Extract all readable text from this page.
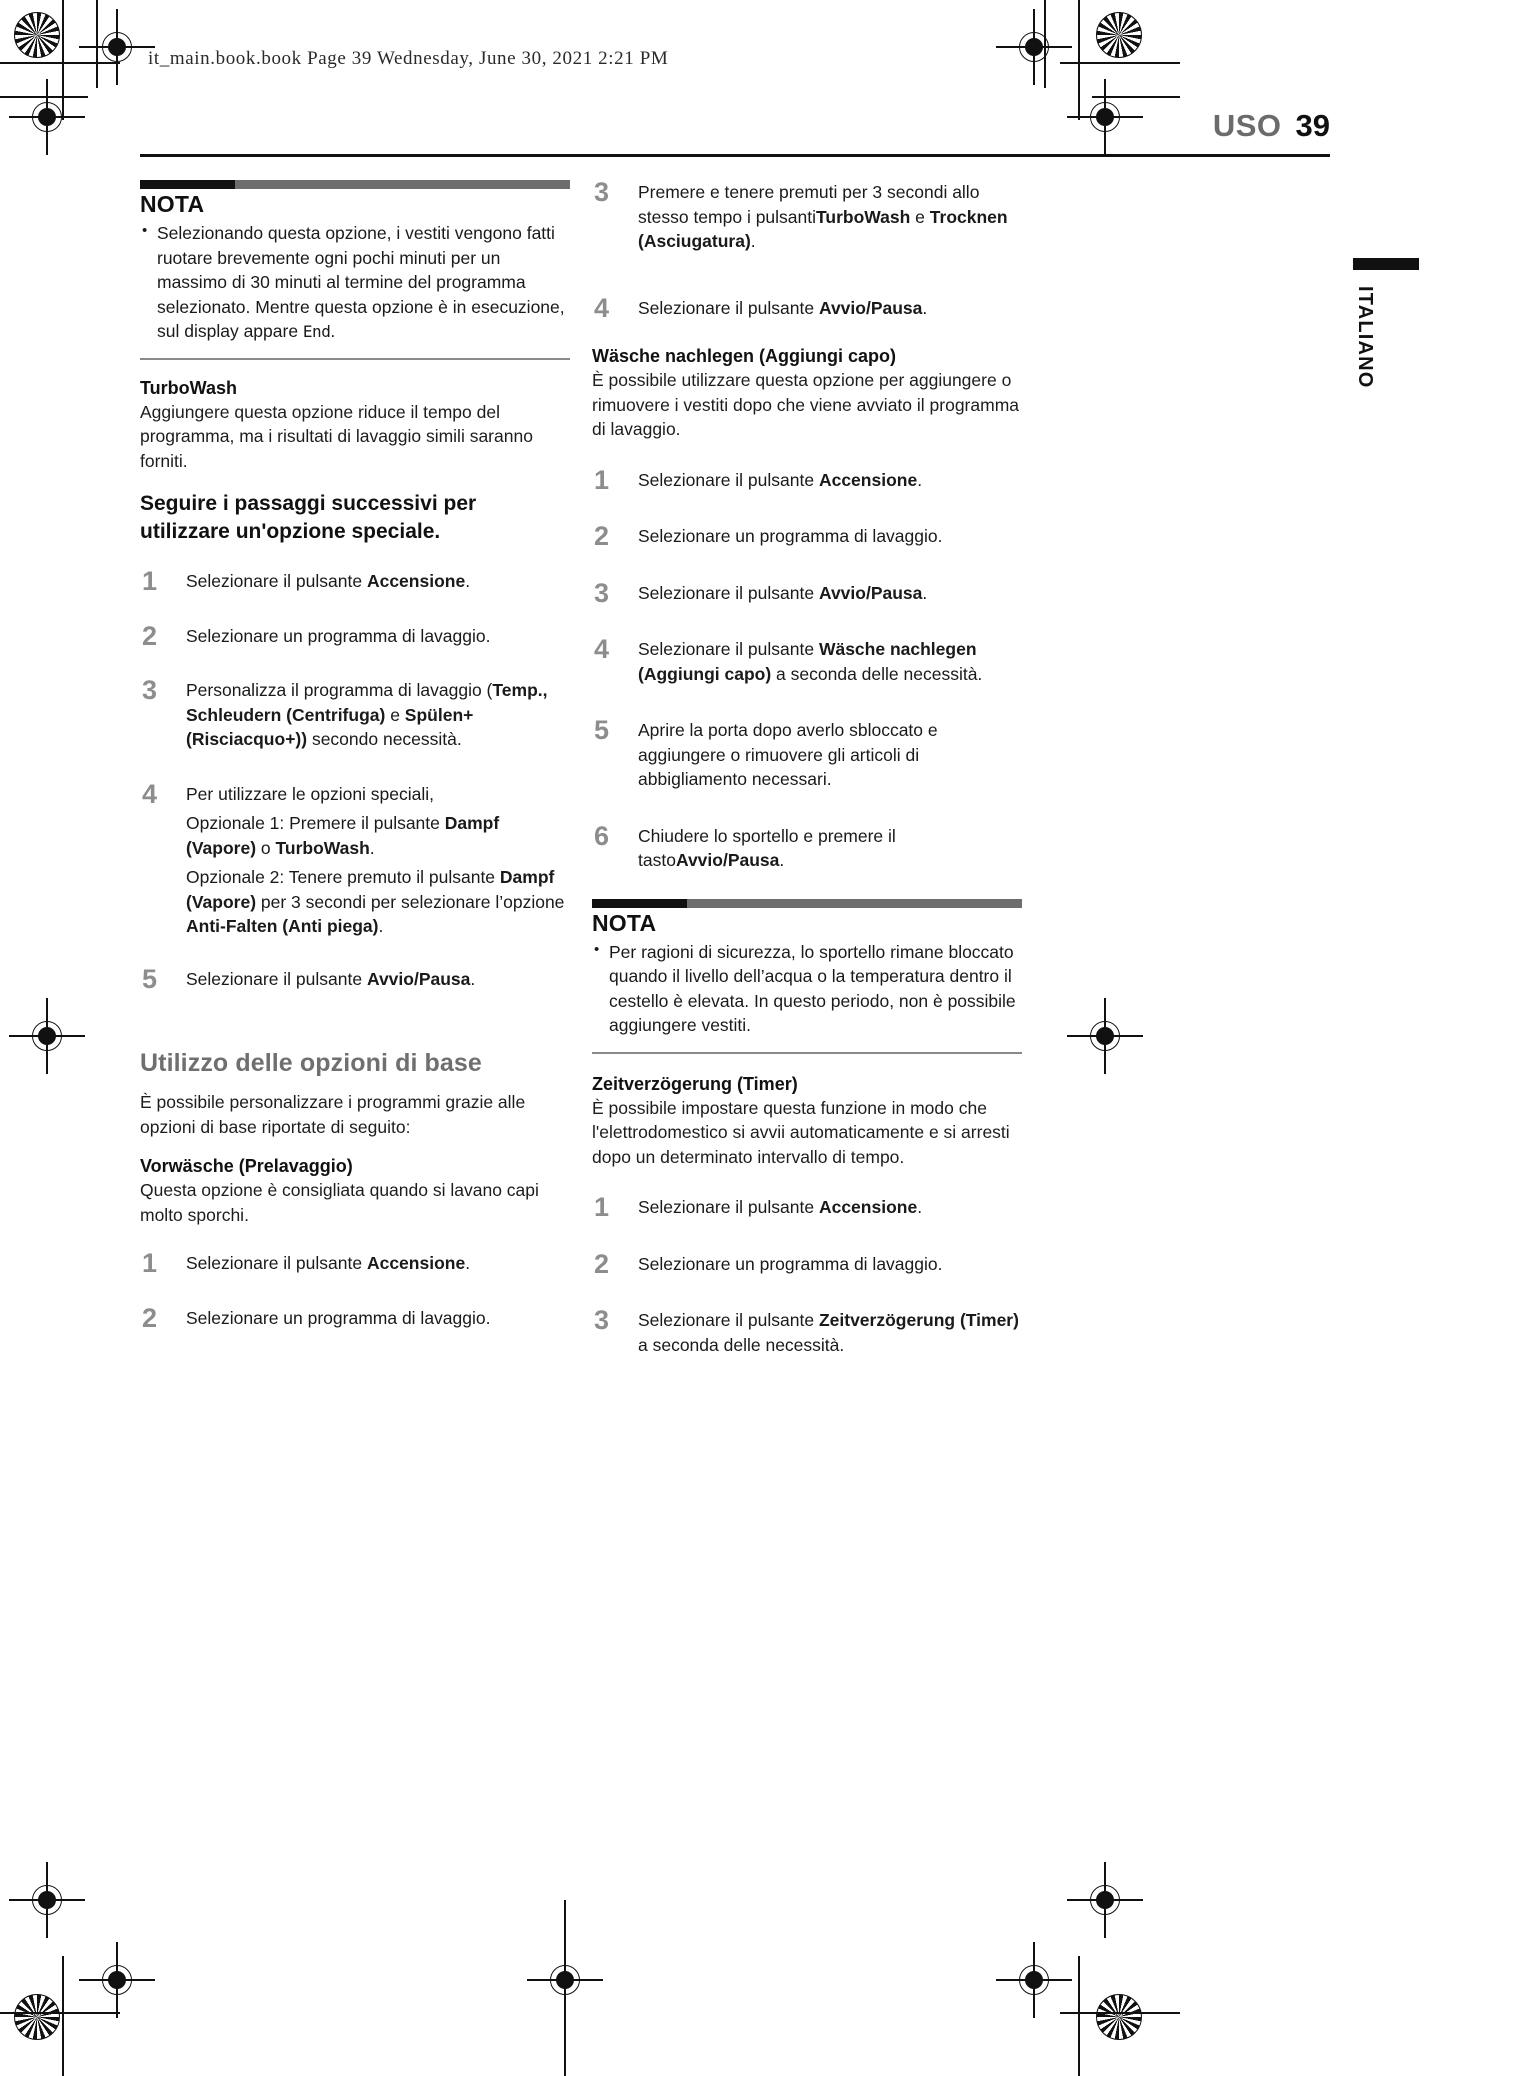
it_main.book.book Page 39 Wednesday, June 30, 2021 2:21 PM
USO 39
ITALIANO
NOTA
• Selezionando questa opzione, i vestiti vengono fatti ruotare brevemente ogni pochi minuti per un massimo di 30 minuti al termine del programma selezionato. Mentre questa opzione è in esecuzione, sul display appare End.
TurboWash
Aggiungere questa opzione riduce il tempo del programma, ma i risultati di lavaggio simili saranno forniti.
Seguire i passaggi successivi per utilizzare un'opzione speciale.
1 Selezionare il pulsante Accensione.
2 Selezionare un programma di lavaggio.
3 Personalizza il programma di lavaggio (Temp., Schleudern (Centrifuga) e Spülen+ (Risciacquo+)) secondo necessità.
4 Per utilizzare le opzioni speciali,
Opzionale 1: Premere il pulsante Dampf (Vapore) o TurboWash.
Opzionale 2: Tenere premuto il pulsante Dampf (Vapore) per 3 secondi per selezionare l’opzione Anti-Falten (Anti piega).
5 Selezionare il pulsante Avvio/Pausa.
Utilizzo delle opzioni di base
È possibile personalizzare i programmi grazie alle opzioni di base riportate di seguito:
Vorwäsche (Prelavaggio)
Questa opzione è consigliata quando si lavano capi molto sporchi.
1 Selezionare il pulsante Accensione.
2 Selezionare un programma di lavaggio.
3 Premere e tenere premuti per 3 secondi allo stesso tempo i pulsantiTurboWash e Trocknen (Asciugatura).
4 Selezionare il pulsante Avvio/Pausa.
Wäsche nachlegen (Aggiungi capo)
È possibile utilizzare questa opzione per aggiungere o rimuovere i vestiti dopo che viene avviato il programma di lavaggio.
1 Selezionare il pulsante Accensione.
2 Selezionare un programma di lavaggio.
3 Selezionare il pulsante Avvio/Pausa.
4 Selezionare il pulsante Wäsche nachlegen (Aggiungi capo) a seconda delle necessità.
5 Aprire la porta dopo averlo sbloccato e aggiungere o rimuovere gli articoli di abbigliamento necessari.
6 Chiudere lo sportello e premere il tastoAvvio/Pausa.
NOTA
• Per ragioni di sicurezza, lo sportello rimane bloccato quando il livello dell’acqua o la temperatura dentro il cestello è elevata. In questo periodo, non è possibile aggiungere vestiti.
Zeitverzögerung (Timer)
È possibile impostare questa funzione in modo che l'elettrodomestico si avvii automaticamente e si arresti dopo un determinato intervallo di tempo.
1 Selezionare il pulsante Accensione.
2 Selezionare un programma di lavaggio.
3 Selezionare il pulsante Zeitverzögerung (Timer) a seconda delle necessità.
